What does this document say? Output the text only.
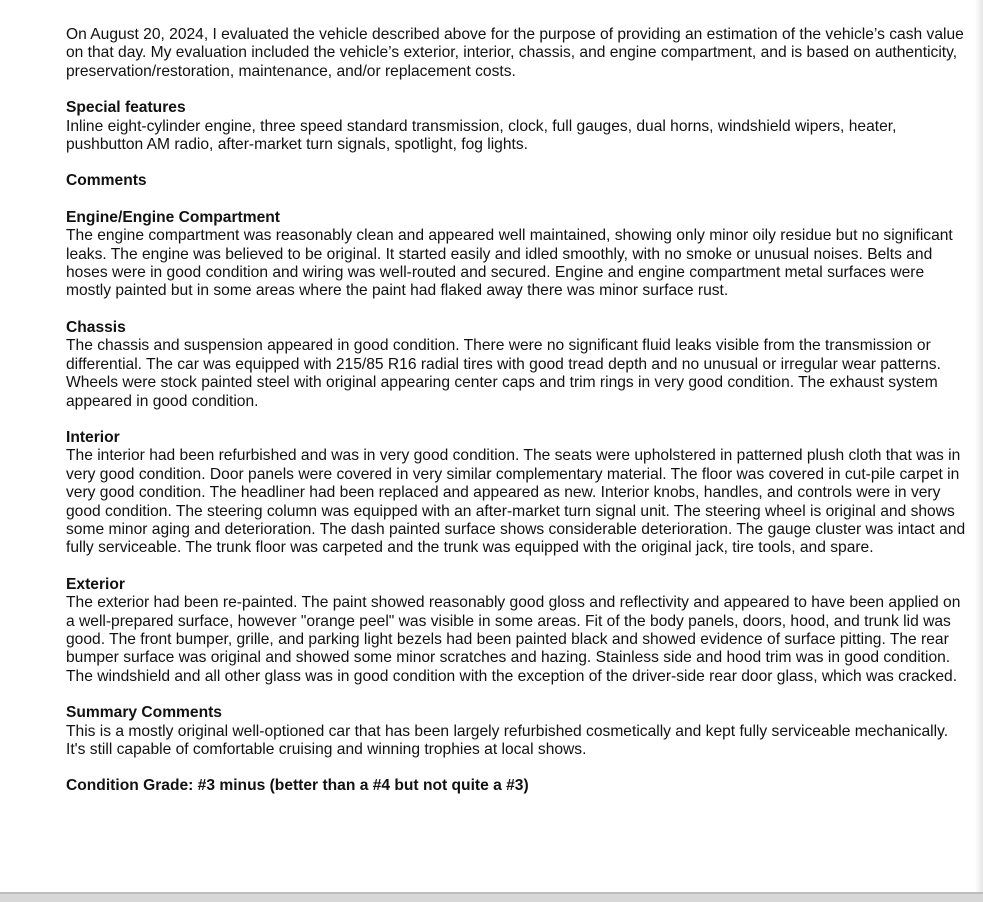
On August 20, 2024, I evaluated the vehicle described above for the purpose of providing an estimation of the vehicle’s cash value on that day. My evaluation included the vehicle’s exterior, interior, chassis, and engine compartment, and is based on authenticity, preservation/restoration, maintenance, and/or replacement costs.

Special features

Inline eight-cylinder engine, three speed standard transmission, clock, full gauges, dual horns, windshield wipers, heater, pushbutton AM radio, after-market turn signals, spotlight, fog lights.

Comments

Engine/Engine Compartment

The engine compartment was reasonably clean and appeared well maintained, showing only minor oily residue but no significant leaks. The engine was believed to be original. It started easily and idled smoothly, with no smoke or unusual noises. Belts and hoses were in good condition and wiring was well-routed and secured. Engine and engine compartment metal surfaces were mostly painted but in some areas where the paint had flaked away there was minor surface rust.

Chassis

The chassis and suspension appeared in good condition. There were no significant fluid leaks visible from the transmission or differential. The car was equipped with 215/85 R16 radial tires with good tread depth and no unusual or irregular wear patterns. Wheels were stock painted steel with original appearing center caps and trim rings in very good condition. The exhaust system appeared in good condition.

Interior

The interior had been refurbished and was in very good condition. The seats were upholstered in patterned plush cloth that was in very good condition. Door panels were covered in very similar complementary material. The floor was covered in cut-pile carpet in very good condition. The headliner had been replaced and appeared as new. Interior knobs, handles, and controls were in very good condition. The steering column was equipped with an after-market turn signal unit. The steering wheel is original and shows some minor aging and deterioration. The dash painted surface shows considerable deterioration. The gauge cluster was intact and fully serviceable. The trunk floor was carpeted and the trunk was equipped with the original jack, tire tools, and spare.

Exterior

The exterior had been re-painted. The paint showed reasonably good gloss and reflectivity and appeared to have been applied on a well-prepared surface, however "orange peel" was visible in some areas. Fit of the body panels, doors, hood, and trunk lid was good. The front bumper, grille, and parking light bezels had been painted black and showed evidence of surface pitting. The rear bumper surface was original and showed some minor scratches and hazing. Stainless side and hood trim was in good condition. The windshield and all other glass was in good condition with the exception of the driver-side rear door glass, which was cracked.

Summary Comments

This is a mostly original well-optioned car that has been largely refurbished cosmetically and kept fully serviceable mechanically. It's still capable of comfortable cruising and winning trophies at local shows.

Condition Grade: #3 minus (better than a #4 but not quite a #3)
